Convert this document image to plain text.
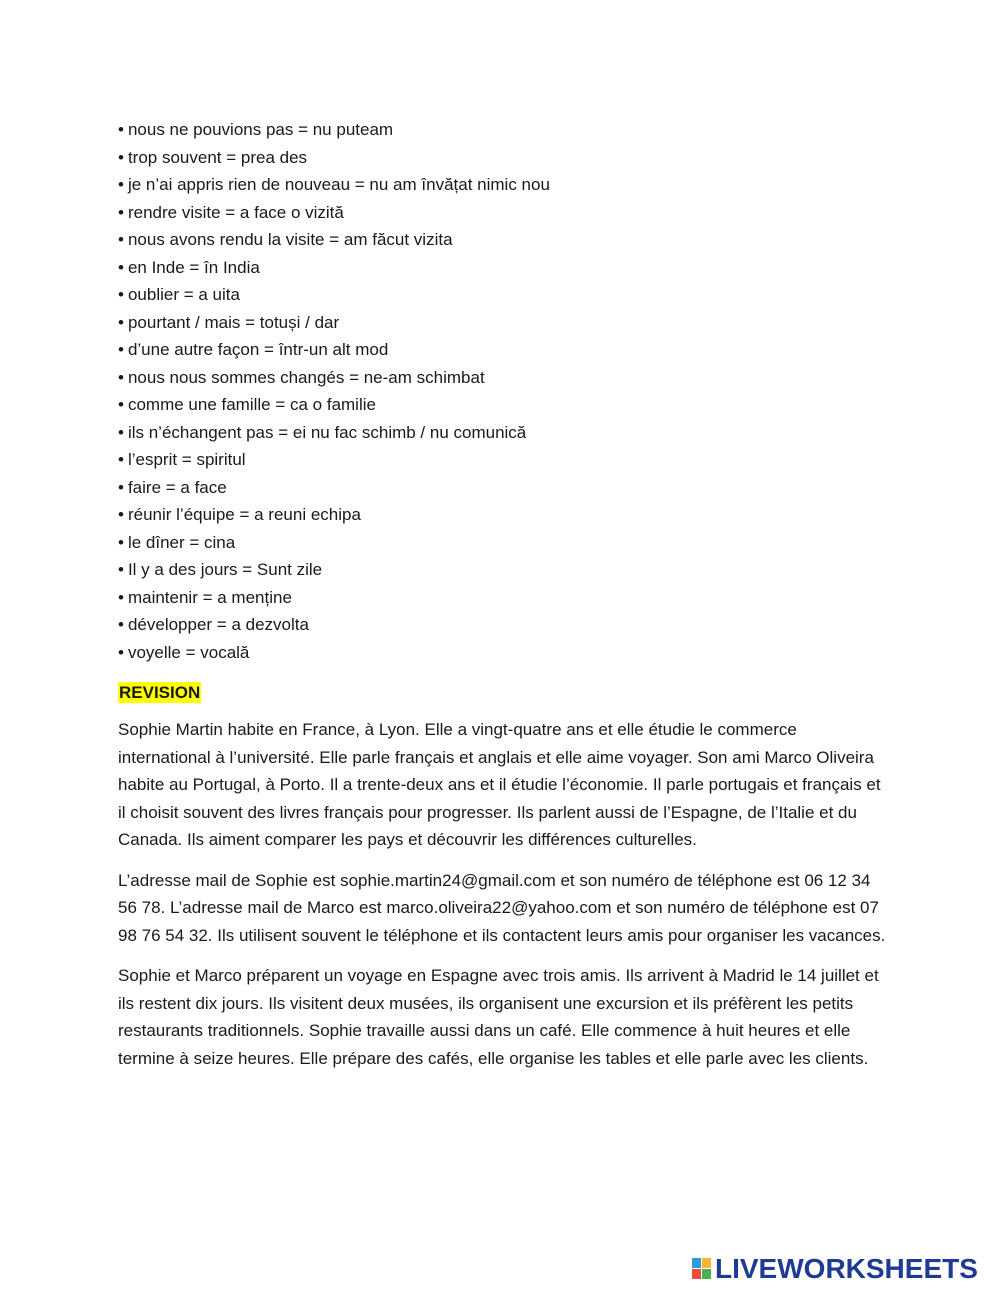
• nous ne pouvions pas = nu puteam
• trop souvent = prea des
• je n’ai appris rien de nouveau = nu am învățat nimic nou
• rendre visite = a face o vizită
• nous avons rendu la visite = am făcut vizita
• en Inde = în India
• oublier = a uita
• pourtant / mais = totuși / dar
• d’une autre façon = într-un alt mod
• nous nous sommes changés = ne-am schimbat
• comme une famille = ca o familie
• ils n’échangent pas = ei nu fac schimb / nu comunică
• l’esprit = spiritul
• faire = a face
• réunir l’équipe = a reuni echipa
• le dîner = cina
• Il y a des jours = Sunt zile
• maintenir = a menține
• développer = a dezvolta
• voyelle = vocală
REVISION

Sophie Martin habite en France, à Lyon. Elle a vingt-quatre ans et elle étudie le commerce international à l’université. Elle parle français et anglais et elle aime voyager. Son ami Marco Oliveira habite au Portugal, à Porto. Il a trente-deux ans et il étudie l’économie. Il parle portugais et français et il choisit souvent des livres français pour progresser. Ils parlent aussi de l’Espagne, de l’Italie et du Canada. Ils aiment comparer les pays et découvrir les différences culturelles.

L’adresse mail de Sophie est sophie.martin24@gmail.com et son numéro de téléphone est 06 12 34 56 78. L’adresse mail de Marco est marco.oliveira22@yahoo.com et son numéro de téléphone est 07 98 76 54 32. Ils utilisent souvent le téléphone et ils contactent leurs amis pour organiser les vacances.

Sophie et Marco préparent un voyage en Espagne avec trois amis. Ils arrivent à Madrid le 14 juillet et ils restent dix jours. Ils visitent deux musées, ils organisent une excursion et ils préfèrent les petits restaurants traditionnels. Sophie travaille aussi dans un café. Elle commence à huit heures et elle termine à seize heures. Elle prépare des cafés, elle organise les tables et elle parle avec les clients.

LIVEWORKSHEETS
